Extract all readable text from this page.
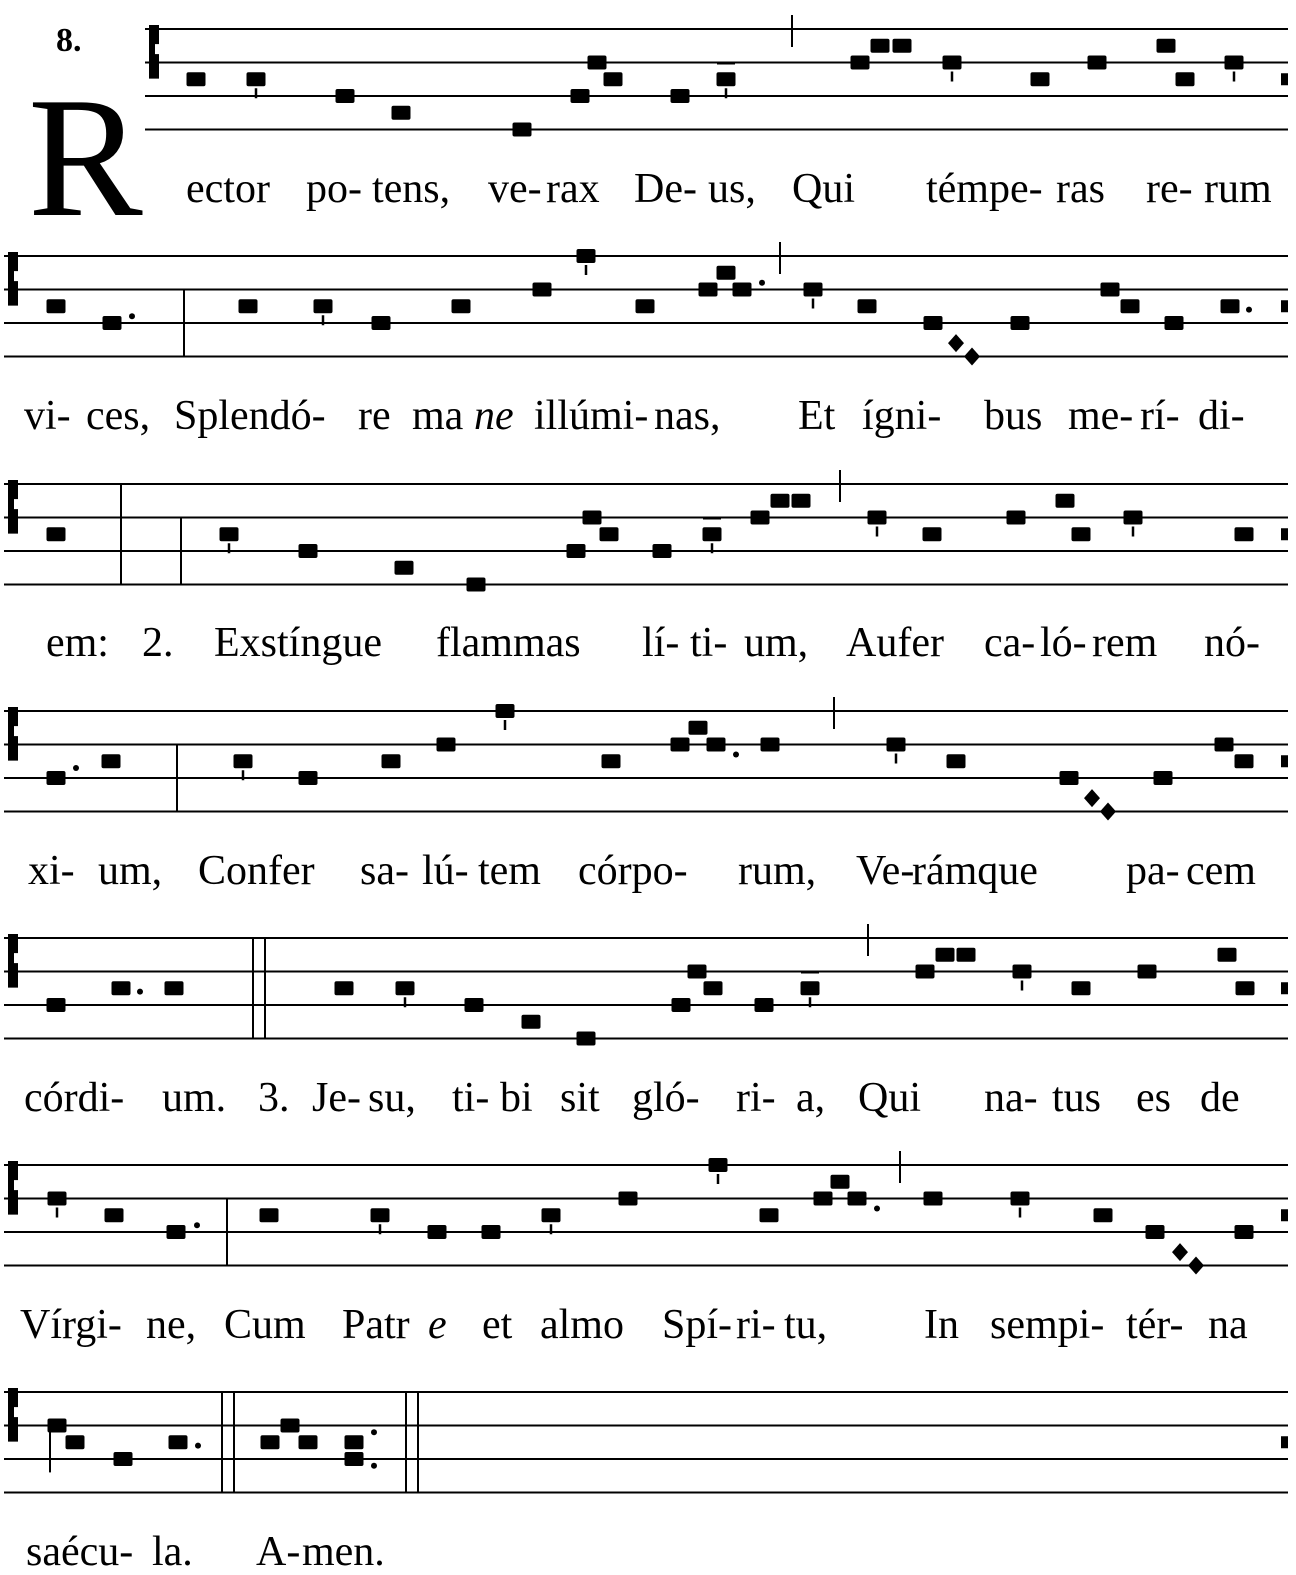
8.
R ector po- tens, ve- rax De- us, Qui témpe- ras re- rum
vi- ces, Splendó- re ma ne illúmi- nas, Et ígni- bus me- rí- di-
em: 2. Exstíngue flammas lí- ti- um, Aufer ca- ló- rem nó-
xi- um, Confer sa- lú- tem córpo- rum, Ve-
rámque pa- cem
córdi- um. 3. Je- su, ti- bi sit gló- ri- a, Qui na- tus es de
Vírgi- ne, Cum Patr e et almo Spí- ri- tu, In sempi- tér- na
saécu- la. A- men.
